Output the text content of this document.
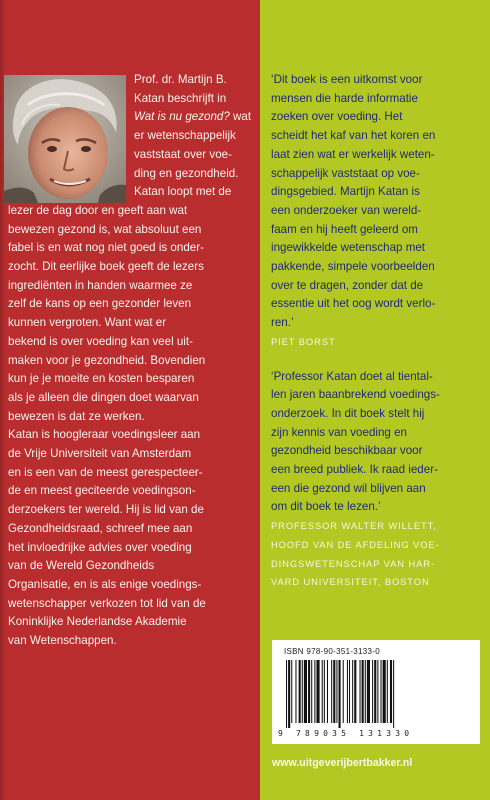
Prof. dr. Martijn B.
Katan beschrijft in
Wat is nu gezond? wat
er wetenschappelijk
vaststaat over voe-
ding en gezondheid.
Katan loopt met de
lezer de dag door en geeft aan wat
bewezen gezond is, wat absoluut een
fabel is en wat nog niet goed is onder-
zocht. Dit eerlijke boek geeft de lezers
ingrediënten in handen waarmee ze
zelf de kans op een gezonder leven
kunnen vergroten. Want wat er
bekend is over voeding kan veel uit-
maken voor je gezondheid. Bovendien
kun je je moeite en kosten besparen
als je alleen die dingen doet waarvan
bewezen is dat ze werken.
Katan is hoogleraar voedingsleer aan
de Vrije Universiteit van Amsterdam
en is een van de meest gerespecteer-
de en meest geciteerde voedingson-
derzoekers ter wereld. Hij is lid van de
Gezondheidsraad, schreef mee aan
het invloedrijke advies over voeding
van de Wereld Gezondheids
Organisatie, en is als enige voedings-
wetenschapper verkozen tot lid van de
Koninklijke Nederlandse Akademie
van Wetenschappen.
‘Dit boek is een uitkomst voor
mensen die harde informatie
zoeken over voeding. Het
scheidt het kaf van het koren en
laat zien wat er werkelijk weten-
schappelijk vaststaat op voe-
dingsgebied. Martijn Katan is
een onderzoeker van wereld-
faam en hij heeft geleerd om
ingewikkelde wetenschap met
pakkende, simpele voorbeelden
over te dragen, zonder dat de
essentie uit het oog wordt verlo-
ren.’
PIET BORST
‘Professor Katan doet al tiental-
len jaren baanbrekend voedings-
onderzoek. In dit boek stelt hij
zijn kennis van voeding en
gezondheid beschikbaar voor
een breed publiek. Ik raad ieder-
een die gezond wil blijven aan
om dit boek te lezen.’
PROFESSOR WALTER WILLETT,
HOOFD VAN DE AFDELING VOE-
DINGSWETENSCHAP VAN HAR-
VARD UNIVERSITEIT, BOSTON
ISBN 978-90-351-3133-0
9 789035 131330
www.uitgeverijbertbakker.nl
